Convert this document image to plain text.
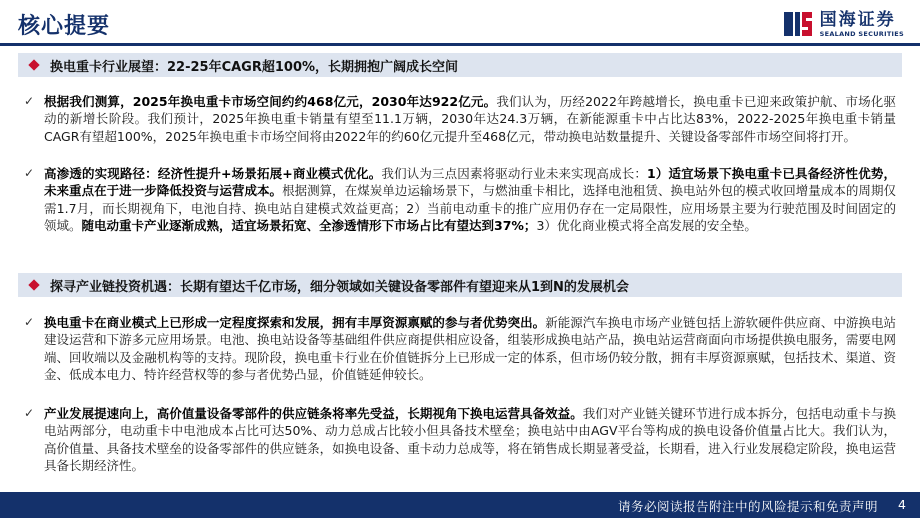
核心提要	国海证券
SEALAND SECURITIES
换电重卡行业展望：22-25年CAGR超100%，长期拥抱广阔成长空间
✓ 根据我们测算，2025年换电重卡市场空间约约468亿元，2030年达922亿元。我们认为，历经2022年跨越增长，换电重卡已迎来政策护航、市场化驱动的新增长阶段。我们预计，2025年换电重卡销量有望至11.1万辆，2030年达24.3万辆，在新能源重卡中占比达83%，2022-2025年换电重卡销量CAGR有望超100%，2025年换电重卡市场空间将由2022年的约60亿元提升至468亿元，带动换电站数量提升、关键设备零部件市场空间将打开。
✓ 高渗透的实现路径：经济性提升+场景拓展+商业模式优化。我们认为三点因素将驱动行业未来实现高成长：1）适宜场景下换电重卡已具备经济性优势，未来重点在于进一步降低投资与运营成本。根据测算，在煤炭单边运输场景下，与燃油重卡相比，选择电池租赁、换电站外包的模式收回增量成本的周期仅需1.7月，而长期视角下，电池自持、换电站自建模式效益更高；2）当前电动重卡的推广应用仍存在一定局限性，应用场景主要为行驶范围及时间固定的领域。随电动重卡产业逐渐成熟，适宜场景拓宽、全渗透情形下市场占比有望达到37%；3）优化商业模式将全高发展的安全垫。
探寻产业链投资机遇：长期有望达千亿市场，细分领域如关键设备零部件有望迎来从1到N的发展机会
✓ 换电重卡在商业模式上已形成一定程度探索和发展，拥有丰厚资源禀赋的参与者优势突出。新能源汽车换电市场产业链包括上游软硬件供应商、中游换电站建设运营和下游多元应用场景。电池、换电站设备等基础组件供应商提供相应设备，组装形成换电站产品，换电站运营商面向市场提供换电服务，需要电网端、回收端以及金融机构等的支持。现阶段，换电重卡行业在价值链拆分上已形成一定的体系，但市场仍较分散，拥有丰厚资源禀赋，包括技术、渠道、资金、低成本电力、特许经营权等的参与者优势凸显，价值链延伸较长。
✓ 产业发展提速向上，高价值量设备零部件的供应链条将率先受益，长期视角下换电运营具备效益。我们对产业链关键环节进行成本拆分，包括电动重卡与换电站两部分，电动重卡中电池成本占比可达50%、动力总成占比较小但具备技术壁垒；换电站中由AGV平台等构成的换电设备价值量占比大。我们认为，高价值量、具备技术壁垒的设备零部件的供应链条，如换电设备、重卡动力总成等，将在销售成长期显著受益，长期看，进入行业发展稳定阶段，换电运营具备长期经济性。
请务必阅读报告附注中的风险提示和免责声明 4
